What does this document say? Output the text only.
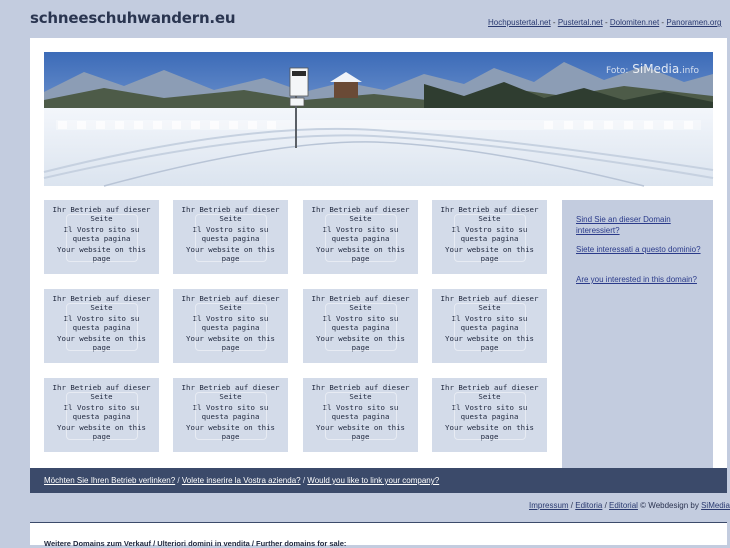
schneeschuhwandern.eu	Hochpustertal.net - Pustertal.net - Dolomiten.net - Panoramen.org
Foto: SiMedia.info
Ihr Betrieb auf dieser Seite
Il Vostro sito su questa pagina
Your website on this page
Ihr Betrieb auf dieser Seite
Il Vostro sito su questa pagina
Your website on this page
Ihr Betrieb auf dieser Seite
Il Vostro sito su questa pagina
Your website on this page
Ihr Betrieb auf dieser Seite
Il Vostro sito su questa pagina
Your website on this page
Ihr Betrieb auf dieser Seite
Il Vostro sito su questa pagina
Your website on this page
Ihr Betrieb auf dieser Seite
Il Vostro sito su questa pagina
Your website on this page
Ihr Betrieb auf dieser Seite
Il Vostro sito su questa pagina
Your website on this page
Ihr Betrieb auf dieser Seite
Il Vostro sito su questa pagina
Your website on this page
Ihr Betrieb auf dieser Seite
Il Vostro sito su questa pagina
Your website on this page
Ihr Betrieb auf dieser Seite
Il Vostro sito su questa pagina
Your website on this page
Ihr Betrieb auf dieser Seite
Il Vostro sito su questa pagina
Your website on this page
Ihr Betrieb auf dieser Seite
Il Vostro sito su questa pagina
Your website on this page
Sind Sie an dieser Domain interessiert?
Siete interessati a questo dominio?
Are you interested in this domain?
Möchten Sie Ihren Betrieb verlinken? / Volete inserire la Vostra azienda? / Would you like to link your company?
Impressum / Editoria / Editorial © Webdesign by SiMedia
Weitere Domains zum Verkauf / Ulteriori domini in vendita / Further domains for sale:
